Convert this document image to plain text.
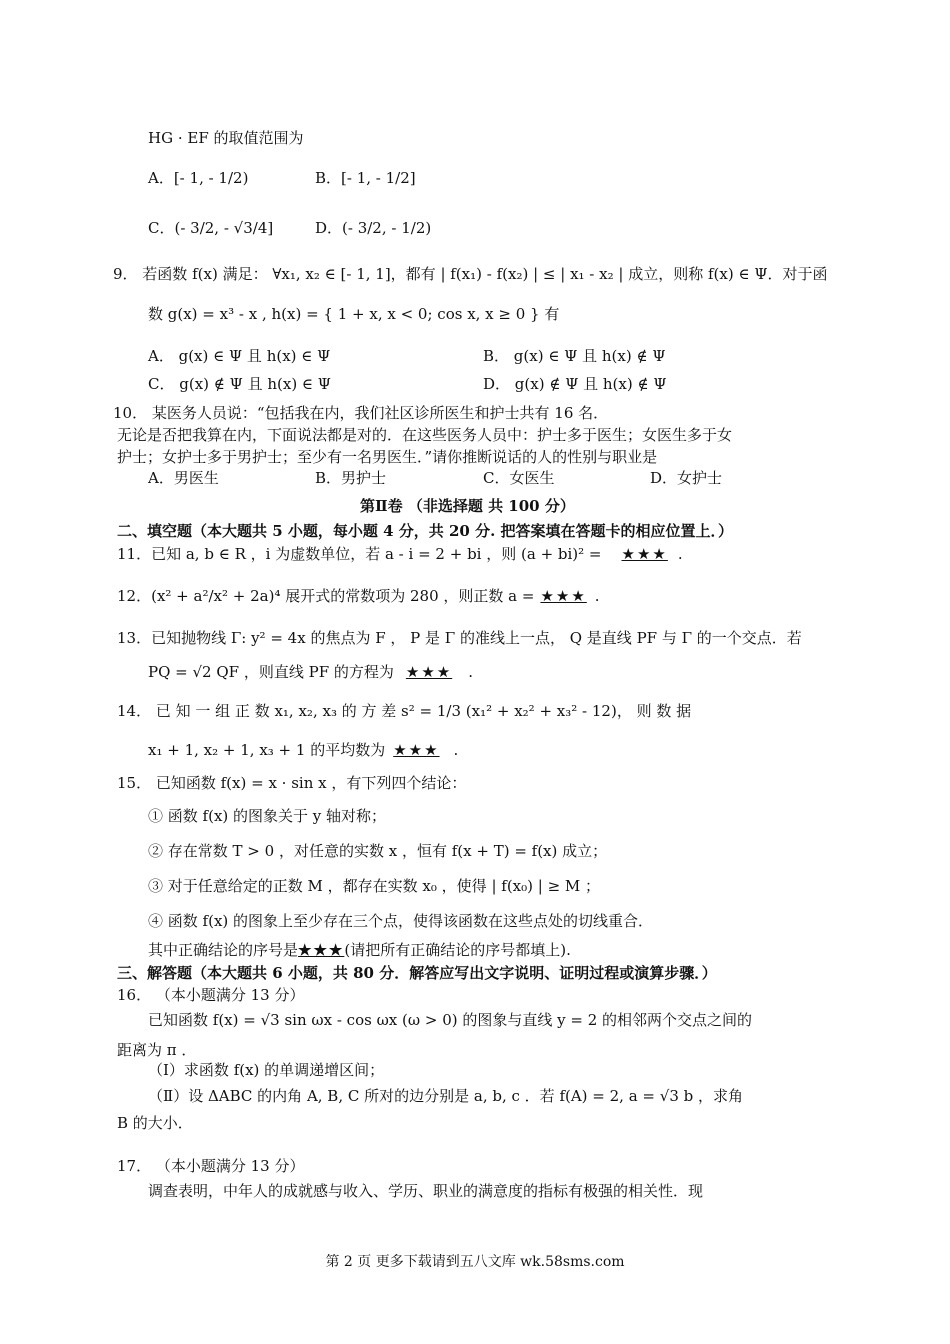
HG · EF 的取值范围为
A．[- 1, - 1/2)	B．[- 1, - 1/2]
C．(- 3/2, - √3/4]	D．(- 3/2, - 1/2)
9． 若函数 f(x) 满足： ∀x₁, x₂ ∈ [- 1, 1]，都有 | f(x₁) - f(x₂) | ≤ | x₁ - x₂ | 成立，则称 f(x) ∈ Ψ．对于函
数 g(x) = x³ - x , h(x) = { 1 + x, x < 0; cos x, x ≥ 0 } 有
A． g(x) ∈ Ψ 且 h(x) ∈ Ψ	B． g(x) ∈ Ψ 且 h(x) ∉ Ψ
C． g(x) ∉ Ψ 且 h(x) ∈ Ψ	D． g(x) ∉ Ψ 且 h(x) ∉ Ψ
10． 某医务人员说：“包括我在内，我们社区诊所医生和护士共有 16 名．
无论是否把我算在内，下面说法都是对的．在这些医务人员中：护士多于医生；女医生多于女
护士；女护士多于男护士；至少有一名男医生．”请你推断说话的人的性别与职业是
A．男医生	B．男护士	C．女医生	D．女护士
第Ⅱ卷 （非选择题 共 100 分）
二、填空题（本大题共 5 小题，每小题 4 分，共 20 分. 把答案填在答题卡的相应位置上．）
11．已知 a, b ∈ R ，i 为虚数单位，若 a - i = 2 + bi ，则 (a + bi)² = ★★★ .
12．(x² + a²/x² + 2a)⁴ 展开式的常数项为 280 ，则正数 a = ★★★ .
13．已知抛物线 Γ: y² = 4x 的焦点为 F ， P 是 Γ 的准线上一点， Q 是直线 PF 与 Γ 的一个交点．若
PQ = √2 QF ，则直线 PF 的方程为 ★★★ .
14． 已 知 一 组 正 数 x₁, x₂, x₃ 的 方 差 s² = 1/3 (x₁² + x₂² + x₃² - 12)， 则 数 据
x₁ + 1, x₂ + 1, x₃ + 1 的平均数为 ★★★ .
15． 已知函数 f(x) = x · sin x ，有下列四个结论：
① 函数 f(x) 的图象关于 y 轴对称；
② 存在常数 T > 0 ，对任意的实数 x ，恒有 f(x + T) = f(x) 成立；
③ 对于任意给定的正数 M ，都存在实数 x₀ ，使得 | f(x₀) | ≥ M ；
④ 函数 f(x) 的图象上至少存在三个点，使得该函数在这些点处的切线重合．
其中正确结论的序号是★★★(请把所有正确结论的序号都填上).
三、解答题（本大题共 6 小题，共 80 分．解答应写出文字说明、证明过程或演算步骤．）
16． （本小题满分 13 分）
已知函数 f(x) = √3 sin ωx - cos ωx (ω > 0) 的图象与直线 y = 2 的相邻两个交点之间的
距离为 π ．
（Ⅰ）求函数 f(x) 的单调递增区间；
（Ⅱ）设 ΔABC 的内角 A, B, C 所对的边分别是 a, b, c ．若 f(A) = 2, a = √3 b ，求角
B 的大小．
17． （本小题满分 13 分）
调查表明，中年人的成就感与收入、学历、职业的满意度的指标有极强的相关性．现
第 2 页 更多下载请到五八文库 wk.58sms.com
